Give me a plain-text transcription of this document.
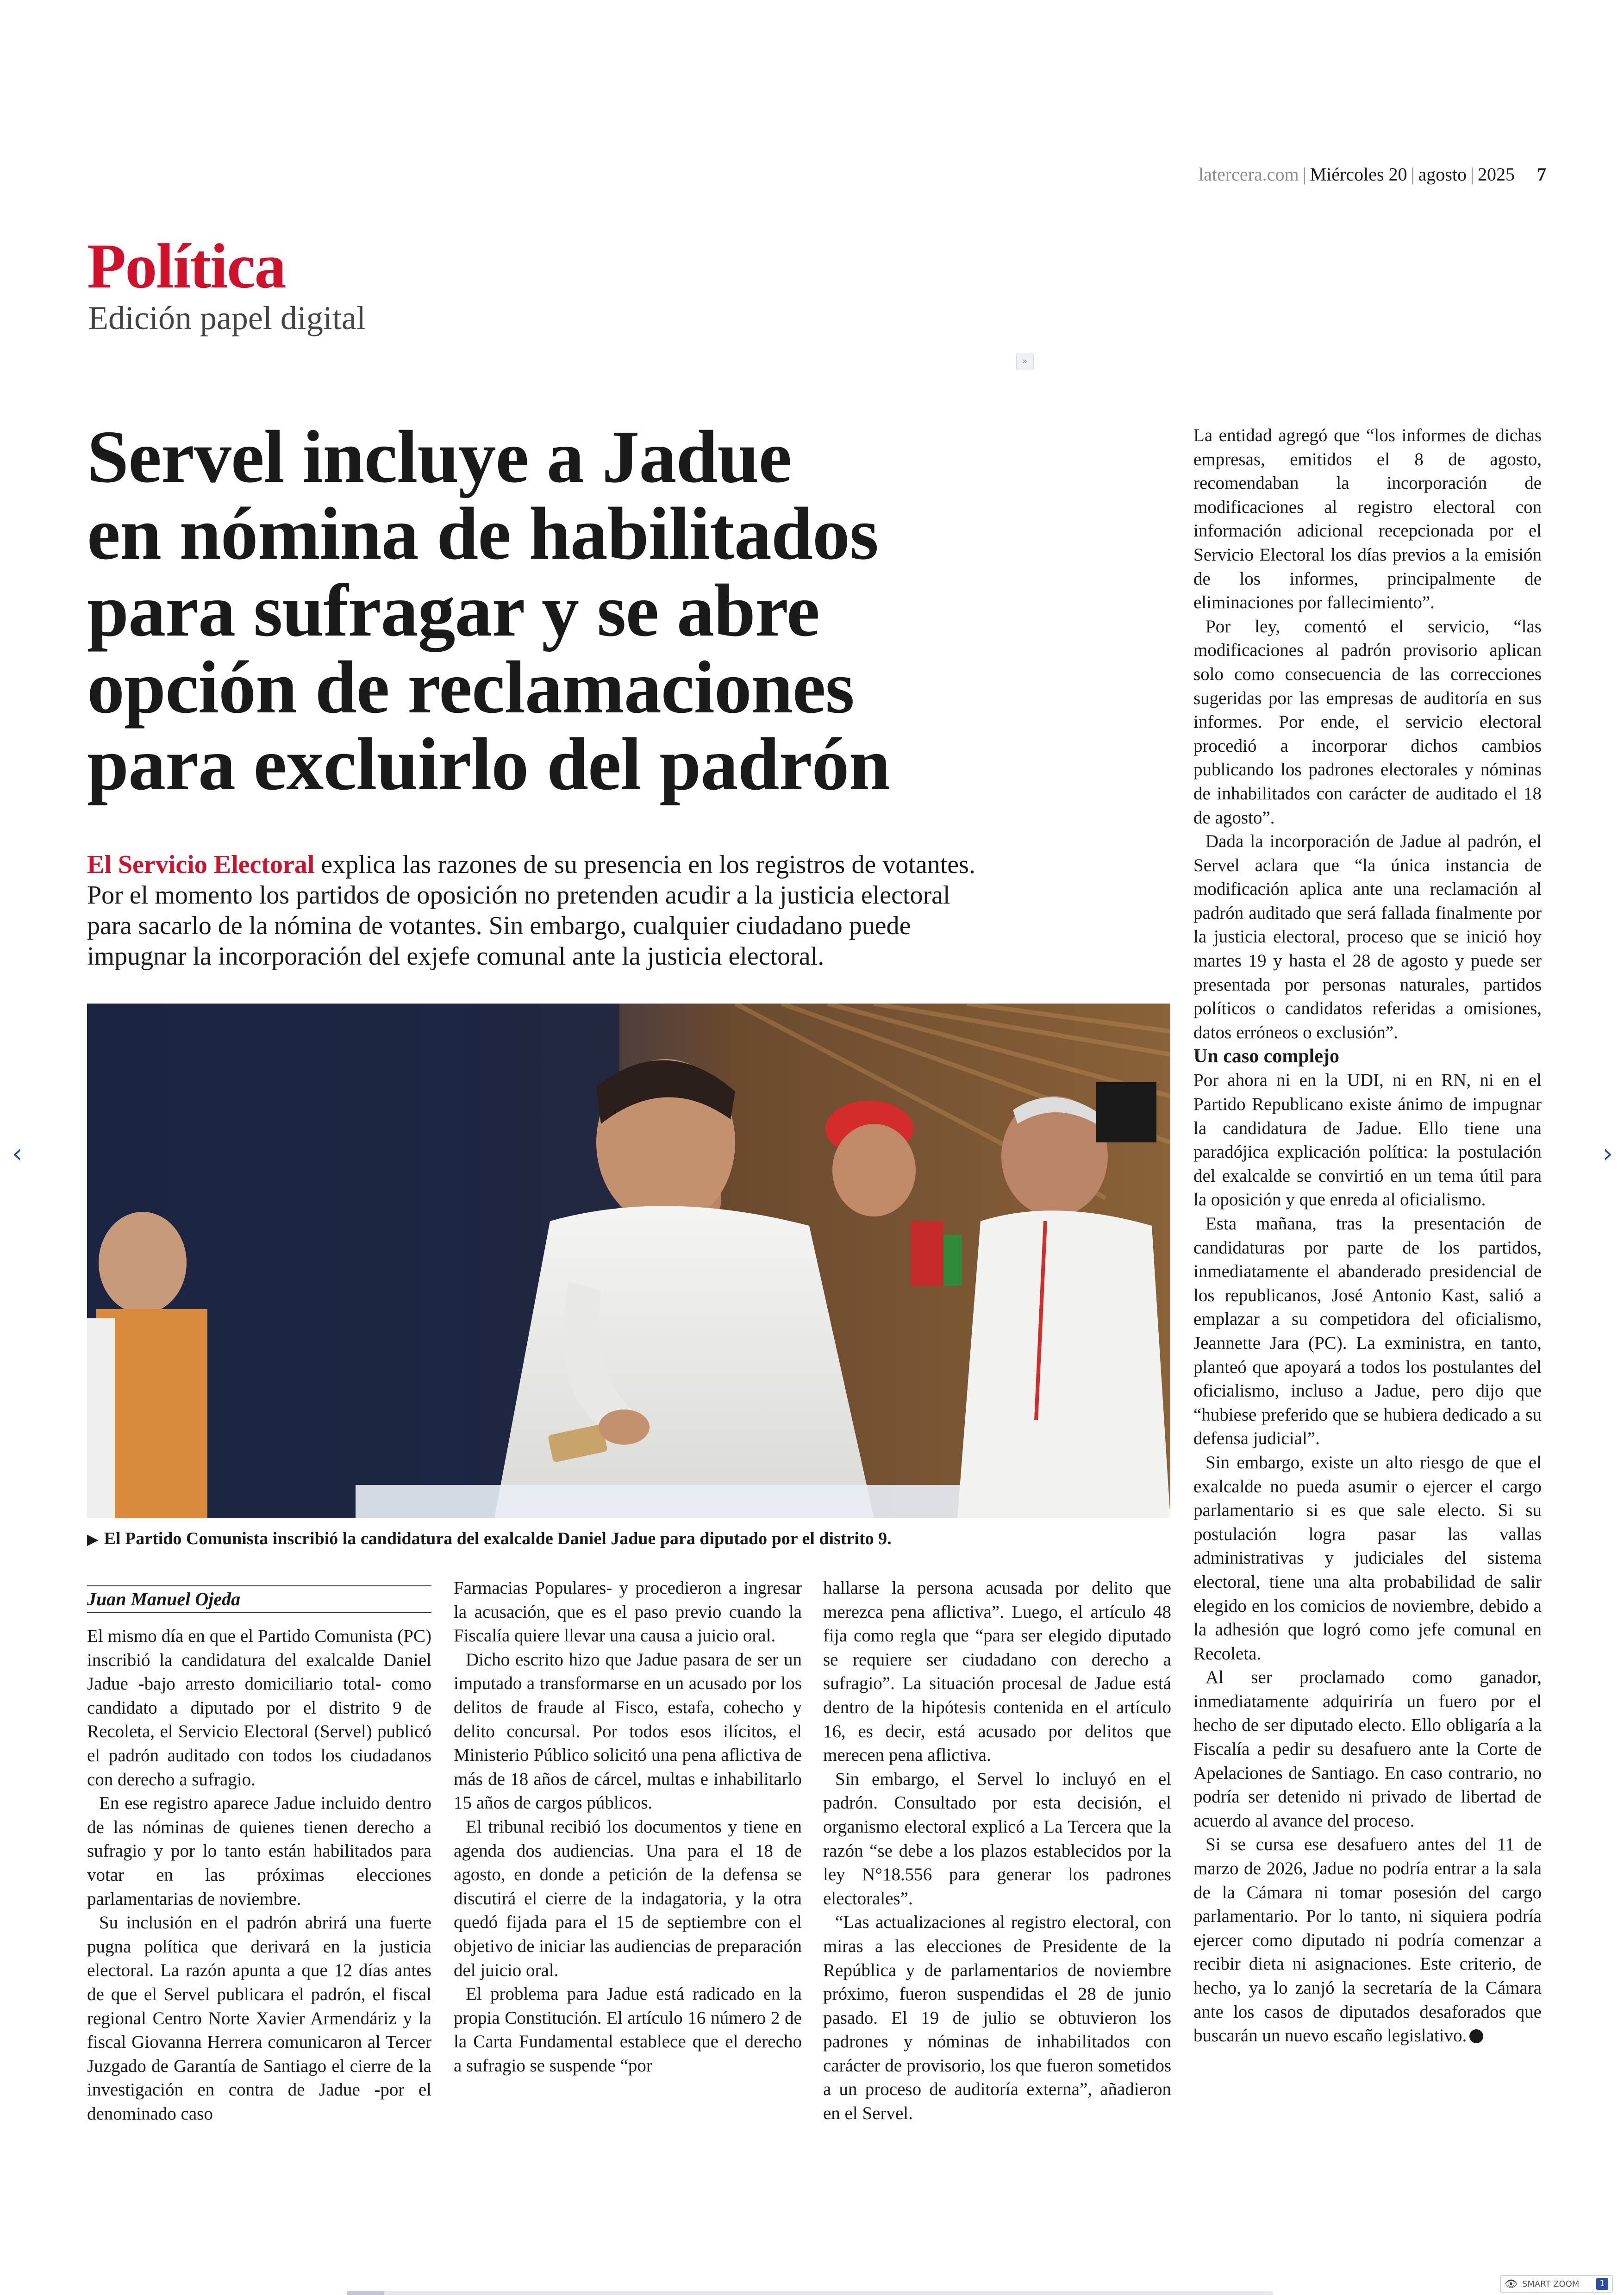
latercera.com | Miércoles 20 | agosto | 2025 7
Política
Edición papel digital
»
Servel incluye a Jadue
en nómina de habilitados
para sufragar y se abre
opción de reclamaciones
para excluirlo del padrón

El Servicio Electoral explica las razones de su presencia en los registros de votantes.
Por el momento los partidos de oposición no pretenden acudir a la justicia electoral
para sacarlo de la nómina de votantes. Sin embargo, cualquier ciudadano puede
impugnar la incorporación del exjefe comunal ante la justicia electoral.

▶ El Partido Comunista inscribió la candidatura del exalcalde Daniel Jadue para diputado por el distrito 9.
Juan Manuel Ojeda

El mismo día en que el Partido Comunista (PC) inscribió la candidatura del exalcalde Daniel Jadue -bajo arresto domiciliario total- como candidato a diputado por el distrito 9 de Recoleta, el Servicio Electoral (Servel) publicó el padrón auditado con todos los ciudadanos con derecho a sufragio.

En ese registro aparece Jadue incluido dentro de las nóminas de quienes tienen derecho a sufragio y por lo tanto están habilitados para votar en las próximas elecciones parlamentarias de noviembre.

Su inclusión en el padrón abrirá una fuerte pugna política que derivará en la justicia electoral. La razón apunta a que 12 días antes de que el Servel publicara el padrón, el fiscal regional Centro Norte Xavier Armendáriz y la fiscal Giovanna Herrera comunicaron al Tercer Juzgado de Garantía de Santiago el cierre de la investigación en contra de Jadue -por el denominado caso

Farmacias Populares- y procedieron a ingresar la acusación, que es el paso previo cuando la Fiscalía quiere llevar una causa a juicio oral.

Dicho escrito hizo que Jadue pasara de ser un imputado a transformarse en un acusado por los delitos de fraude al Fisco, estafa, cohecho y delito concursal. Por todos esos ilícitos, el Ministerio Público solicitó una pena aflictiva de más de 18 años de cárcel, multas e inhabilitarlo 15 años de cargos públicos.

El tribunal recibió los documentos y tiene en agenda dos audiencias. Una para el 18 de agosto, en donde a petición de la defensa se discutirá el cierre de la indagatoria, y la otra quedó fijada para el 15 de septiembre con el objetivo de iniciar las audiencias de preparación del juicio oral.

El problema para Jadue está radicado en la propia Constitución. El artículo 16 número 2 de la Carta Fundamental establece que el derecho a sufragio se suspende “por

hallarse la persona acusada por delito que merezca pena aflictiva”. Luego, el artículo 48 fija como regla que “para ser elegido diputado se requiere ser ciudadano con derecho a sufragio”. La situación procesal de Jadue está dentro de la hipótesis contenida en el artículo 16, es decir, está acusado por delitos que merecen pena aflictiva.

Sin embargo, el Servel lo incluyó en el padrón. Consultado por esta decisión, el organismo electoral explicó a La Tercera que la razón “se debe a los plazos establecidos por la ley N°18.556 para generar los padrones electorales”.

“Las actualizaciones al registro electoral, con miras a las elecciones de Presidente de la República y de parlamentarios de noviembre próximo, fueron suspendidas el 28 de junio pasado. El 19 de julio se obtuvieron los padrones y nóminas de inhabilitados con carácter de provisorio, los que fueron sometidos a un proceso de auditoría externa”, añadieron en el Servel.

La entidad agregó que “los informes de dichas empresas, emitidos el 8 de agosto, recomendaban la incorporación de modificaciones al registro electoral con información adicional recepcionada por el Servicio Electoral los días previos a la emisión de los informes, principalmente de eliminaciones por fallecimiento”.

Por ley, comentó el servicio, “las modificaciones al padrón provisorio aplican solo como consecuencia de las correcciones sugeridas por las empresas de auditoría en sus informes. Por ende, el servicio electoral procedió a incorporar dichos cambios publicando los padrones electorales y nóminas de inhabilitados con carácter de auditado el 18 de agosto”.

Dada la incorporación de Jadue al padrón, el Servel aclara que “la única instancia de modificación aplica ante una reclamación al padrón auditado que será fallada finalmente por la justicia electoral, proceso que se inició hoy martes 19 y hasta el 28 de agosto y puede ser presentada por personas naturales, partidos políticos o candidatos referidas a omisiones, datos erróneos o exclusión”.

Un caso complejo

Por ahora ni en la UDI, ni en RN, ni en el Partido Republicano existe ánimo de impugnar la candidatura de Jadue. Ello tiene una paradójica explicación política: la postulación del exalcalde se convirtió en un tema útil para la oposición y que enreda al oficialismo.

Esta mañana, tras la presentación de candidaturas por parte de los partidos, inmediatamente el abanderado presidencial de los republicanos, José Antonio Kast, salió a emplazar a su competidora del oficialismo, Jeannette Jara (PC). La exministra, en tanto, planteó que apoyará a todos los postulantes del oficialismo, incluso a Jadue, pero dijo que “hubiese preferido que se hubiera dedicado a su defensa judicial”.

Sin embargo, existe un alto riesgo de que el exalcalde no pueda asumir o ejercer el cargo parlamentario si es que sale electo. Si su postulación logra pasar las vallas administrativas y judiciales del sistema electoral, tiene una alta probabilidad de salir elegido en los comicios de noviembre, debido a la adhesión que logró como jefe comunal en Recoleta.

Al ser proclamado como ganador, inmediatamente adquiriría un fuero por el hecho de ser diputado electo. Ello obligaría a la Fiscalía a pedir su desafuero ante la Corte de Apelaciones de Santiago. En caso contrario, no podría ser detenido ni privado de libertad de acuerdo al avance del proceso.

Si se cursa ese desafuero antes del 11 de marzo de 2026, Jadue no podría entrar a la sala de la Cámara ni tomar posesión del cargo parlamentario. Por lo tanto, ni siquiera podría ejercer como diputado ni podría comenzar a recibir dieta ni asignaciones. Este criterio, de hecho, ya lo zanjó la secretaría de la Cámara ante los casos de diputados desaforados que buscarán un nuevo escaño legislativo.

‹	›
👁 SMART ZOOM	1
